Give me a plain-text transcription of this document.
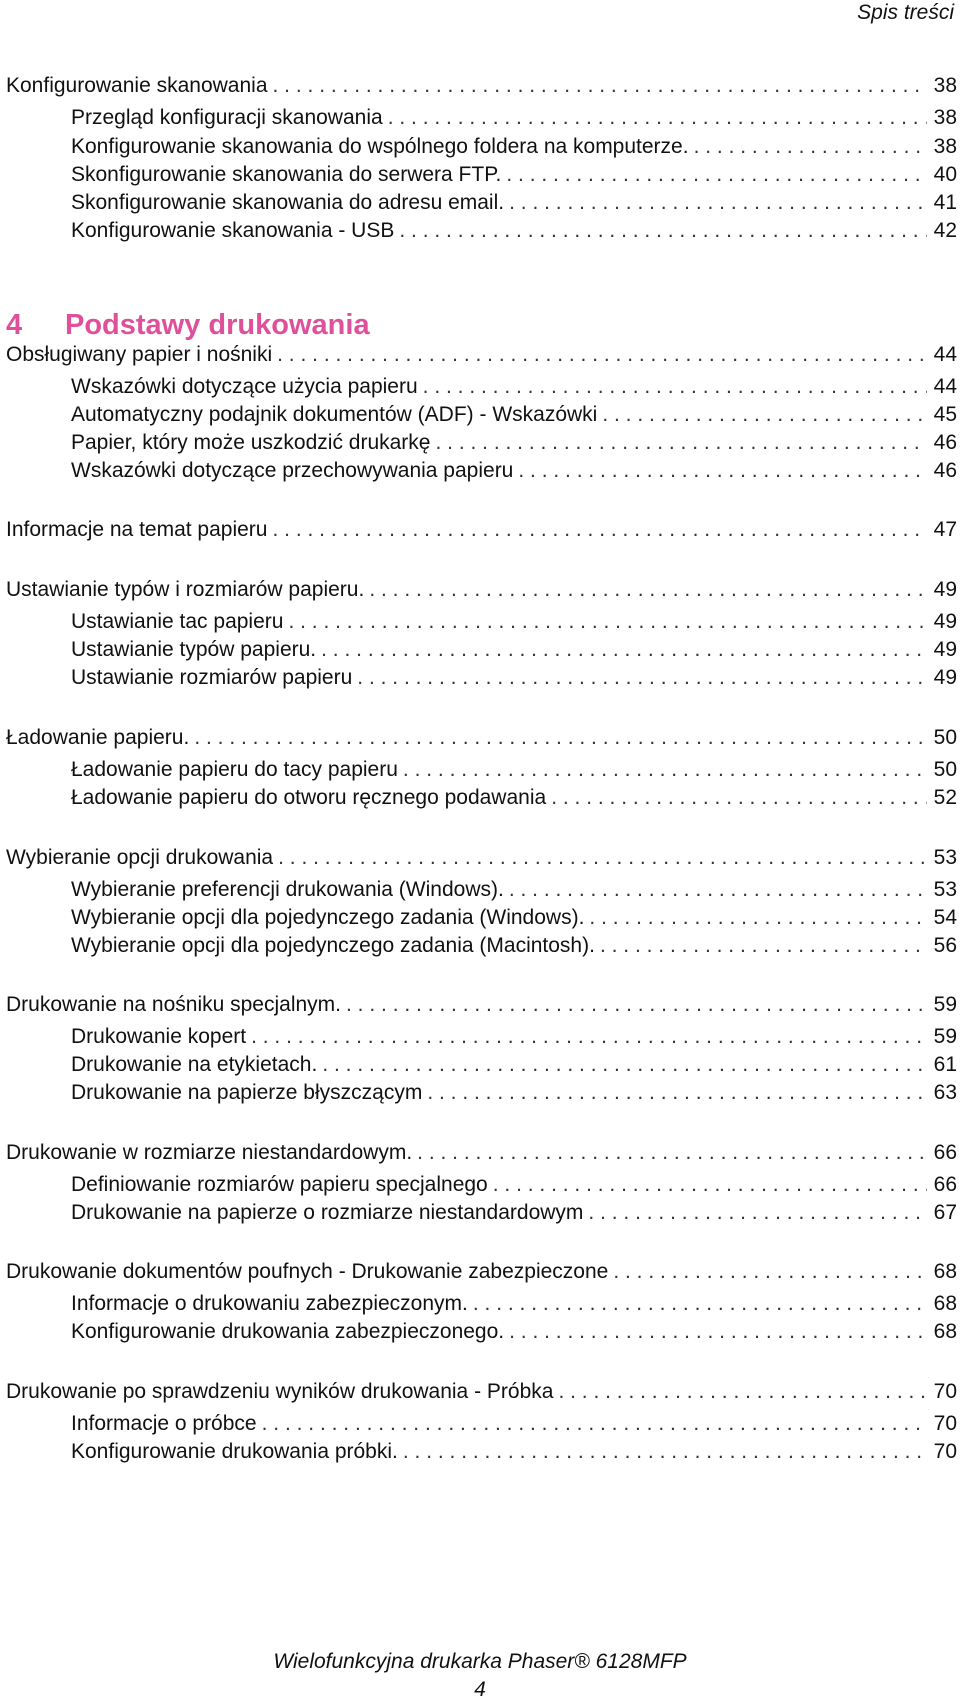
Spis treści
4 Podstawy drukowania
Konfigurowanie skanowania . . .	38
Przegląd konfiguracji skanowania . . .	38
Konfigurowanie skanowania do wspólnego foldera na komputerze. . . .	38
Skonfigurowanie skanowania do serwera FTP. . . .	40
Skonfigurowanie skanowania do adresu email. . . .	41
Konfigurowanie skanowania - USB . . .	42
Obsługiwany papier i nośniki . . .	44
Wskazówki dotyczące użycia papieru . . .	44
Automatyczny podajnik dokumentów (ADF) - Wskazówki . . .	45
Papier, który może uszkodzić drukarkę . . .	46
Wskazówki dotyczące przechowywania papieru . . .	46
Informacje na temat papieru . . .	47
Ustawianie typów i rozmiarów papieru. . . .	49
Ustawianie tac papieru . . .	49
Ustawianie typów papieru. . . .	49
Ustawianie rozmiarów papieru . . .	49
Ładowanie papieru. . . .	50
Ładowanie papieru do tacy papieru . . .	50
Ładowanie papieru do otworu ręcznego podawania . . .	52
Wybieranie opcji drukowania . . .	53
Wybieranie preferencji drukowania (Windows). . . .	53
Wybieranie opcji dla pojedynczego zadania (Windows). . . .	54
Wybieranie opcji dla pojedynczego zadania (Macintosh). . . .	56
Drukowanie na nośniku specjalnym. . . .	59
Drukowanie kopert . . .	59
Drukowanie na etykietach. . . .	61
Drukowanie na papierze błyszczącym . . .	63
Drukowanie w rozmiarze niestandardowym. . . .	66
Definiowanie rozmiarów papieru specjalnego . . .	66
Drukowanie na papierze o rozmiarze niestandardowym . . .	67
Drukowanie dokumentów poufnych - Drukowanie zabezpieczone . . .	68
Informacje o drukowaniu zabezpieczonym. . . .	68
Konfigurowanie drukowania zabezpieczonego. . . .	68
Drukowanie po sprawdzeniu wyników drukowania - Próbka . . .	70
Informacje o próbce . . .	70
Konfigurowanie drukowania próbki. . . .	70
Wielofunkcyjna drukarka Phaser® 6128MFP
4
